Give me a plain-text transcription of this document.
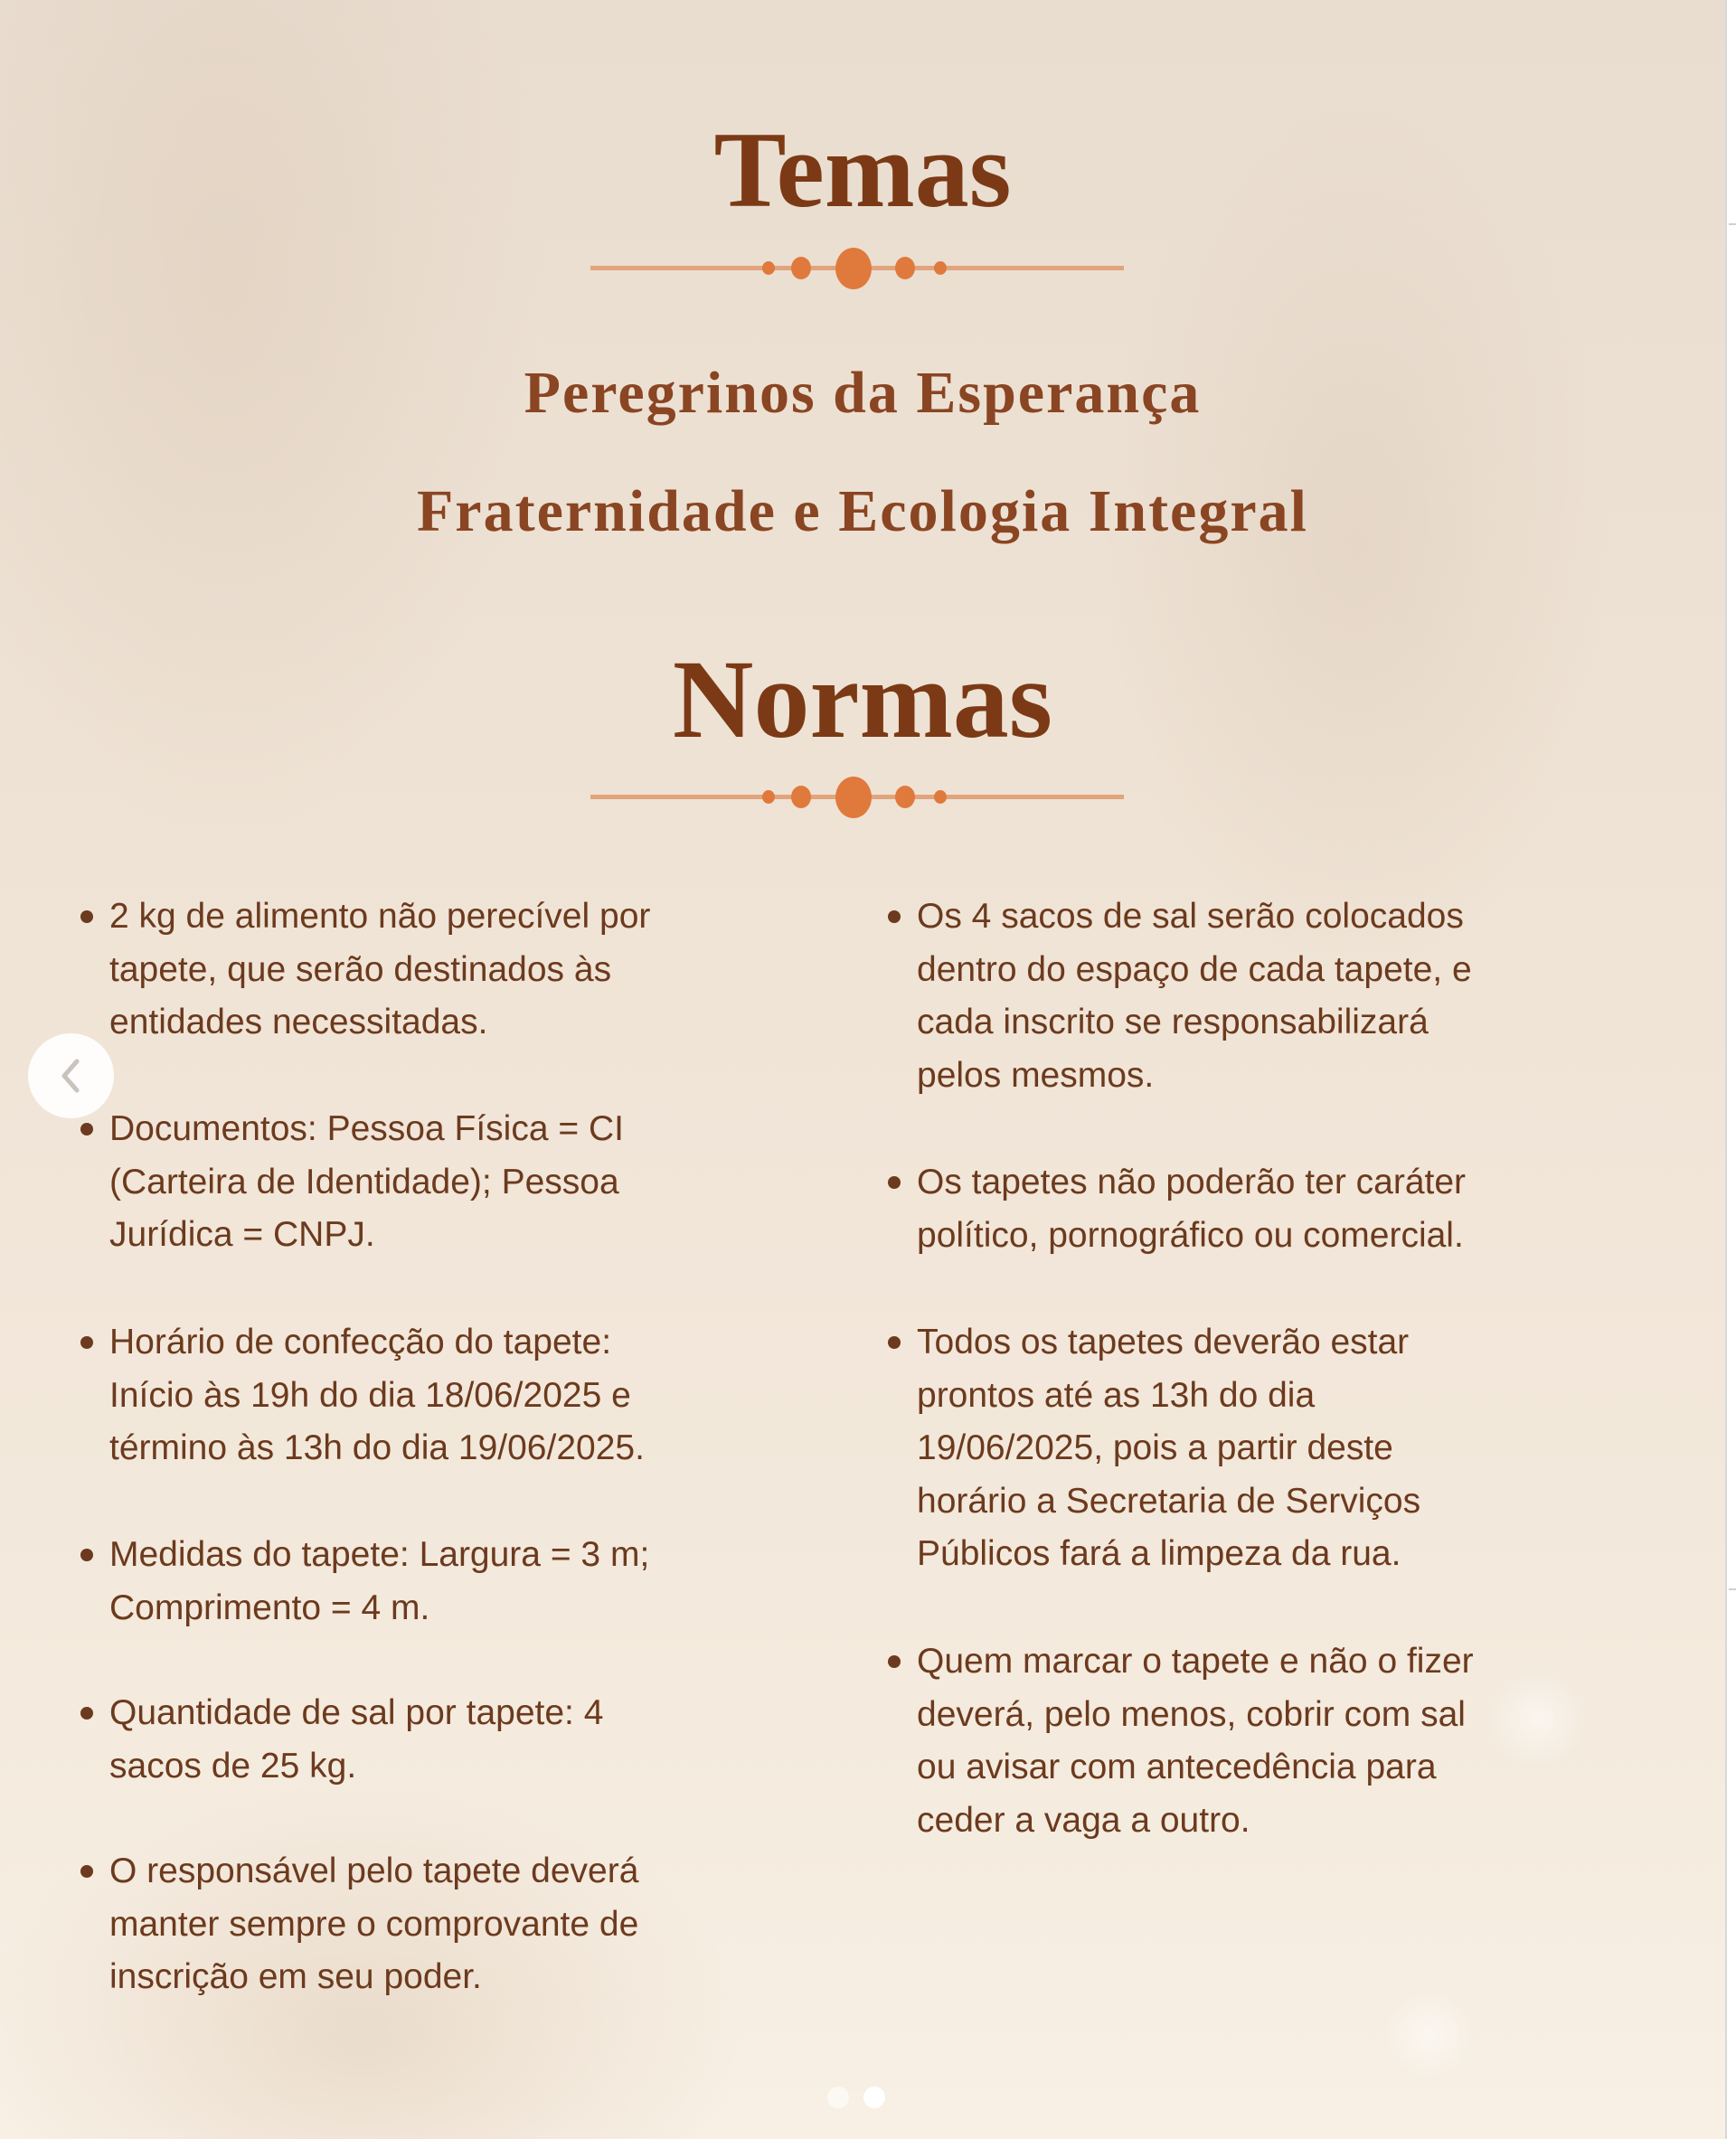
Temas
Peregrinos da Esperança
Fraternidade e Ecologia Integral
Normas
2 kg de alimento não perecível por
tapete, que serão destinados às
entidades necessitadas.
Documentos: Pessoa Física = CI
(Carteira de Identidade); Pessoa
Jurídica = CNPJ.
Horário de confecção do tapete:
Início às 19h do dia 18/06/2025 e
término às 13h do dia 19/06/2025.
Medidas do tapete: Largura = 3 m;
Comprimento = 4 m.
Quantidade de sal por tapete: 4
sacos de 25 kg.
O responsável pelo tapete deverá
manter sempre o comprovante de
inscrição em seu poder.
Os 4 sacos de sal serão colocados
dentro do espaço de cada tapete, e
cada inscrito se responsabilizará
pelos mesmos.
Os tapetes não poderão ter caráter
político, pornográfico ou comercial.
Todos os tapetes deverão estar
prontos até as 13h do dia
19/06/2025, pois a partir deste
horário a Secretaria de Serviços
Públicos fará a limpeza da rua.
Quem marcar o tapete e não o fizer
deverá, pelo menos, cobrir com sal
ou avisar com antecedência para
ceder a vaga a outro.
